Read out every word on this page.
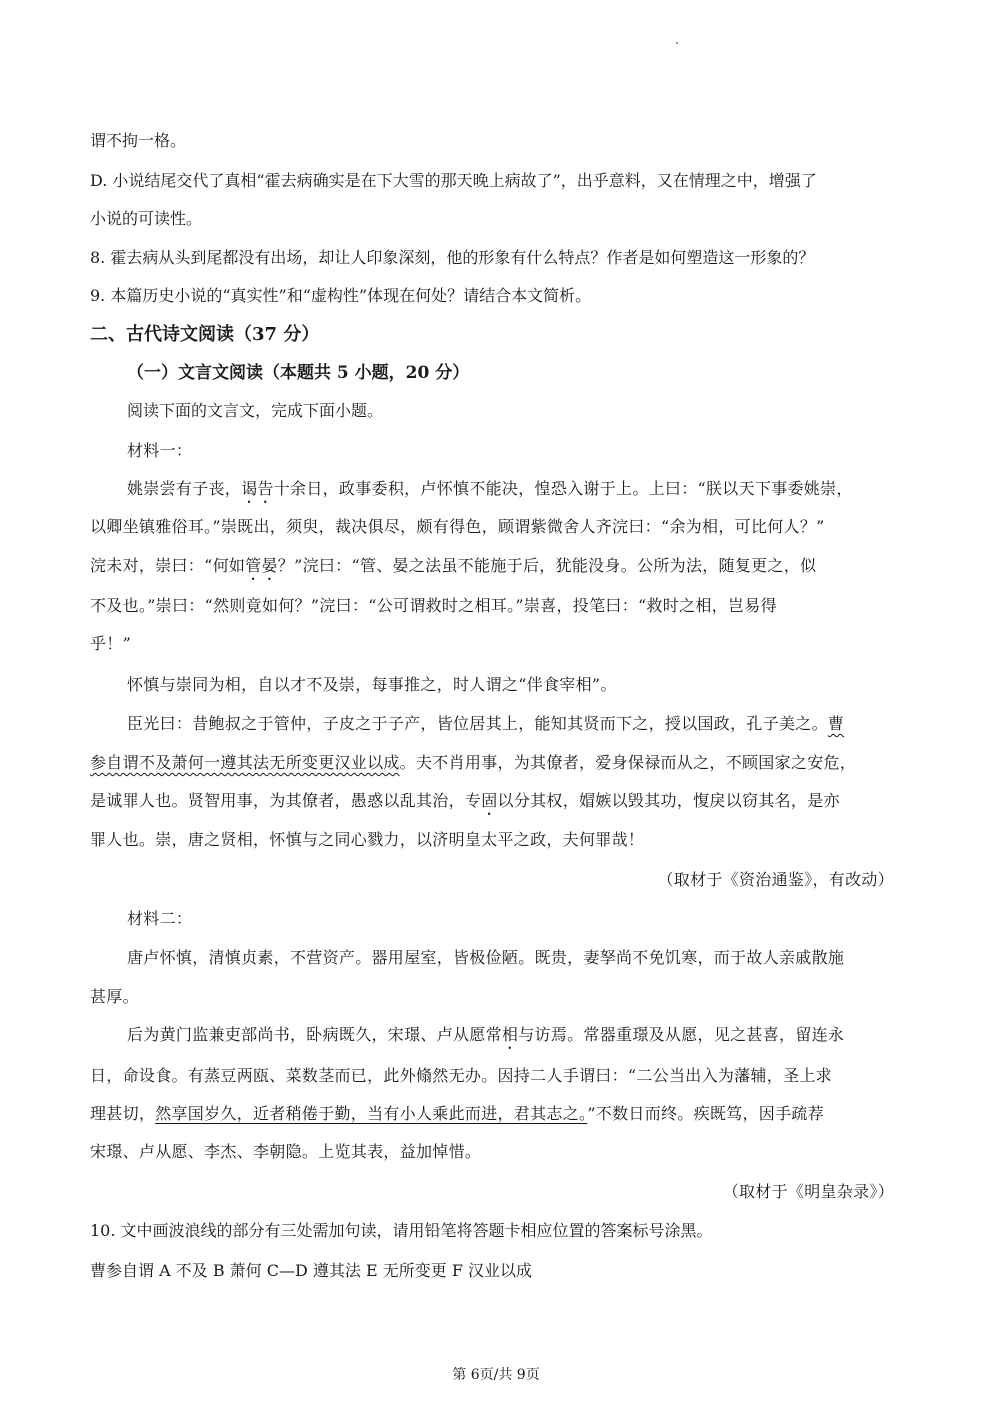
谓不拘一格。
D. 小说结尾交代了真相“霍去病确实是在下大雪的那天晚上病故了”，出乎意料，又在情理之中，增强了
小说的可读性。
8. 霍去病从头到尾都没有出场，却让人印象深刻，他的形象有什么特点？作者是如何塑造这一形象的？
9. 本篇历史小说的“真实性”和“虚构性”体现在何处？请结合本文简析。
二、古代诗文阅读（37 分）
（一）文言文阅读（本题共 5 小题，20 分）
阅读下面的文言文，完成下面小题。
材料一：
姚崇尝有子丧，谒告十余日，政事委积，卢怀慎不能决，惶恐入谢于上。上曰：“朕以天下事委姚崇，
以卿坐镇雅俗耳。”崇既出，须臾，裁决俱尽，颇有得色，顾谓紫微舍人齐浣曰：“余为相，可比何人？”
浣未对，崇曰：“何如管晏？”浣曰：“管、晏之法虽不能施于后，犹能没身。公所为法，随复更之，似
不及也。”崇曰：“然则竟如何？”浣曰：“公可谓救时之相耳。”崇喜，投笔曰：“救时之相，岂易得
乎！”
怀慎与崇同为相，自以才不及崇，每事推之，时人谓之“伴食宰相”。
臣光曰：昔鲍叔之于管仲，子皮之于子产，皆位居其上，能知其贤而下之，授以国政，孔子美之。曹
参自谓不及萧何一遵其法无所变更汉业以成。夫不肖用事，为其僚者，爱身保禄而从之，不顾国家之安危，
是诚罪人也。贤智用事，为其僚者，愚惑以乱其治，专固以分其权，媢嫉以毁其功，愎戾以窃其名，是亦
罪人也。崇，唐之贤相，怀慎与之同心戮力，以济明皇太平之政，夫何罪哉！
（取材于《资治通鉴》，有改动）
材料二：
唐卢怀慎，清慎贞素，不营资产。器用屋室，皆极俭陋。既贵，妻孥尚不免饥寒，而于故人亲戚散施
甚厚。
后为黄门监兼吏部尚书，卧病既久，宋璟、卢从愿常相与访焉。常器重璟及从愿，见之甚喜，留连永
日，命设食。有蒸豆两瓯、菜数茎而已，此外翛然无办。因持二人手谓曰：“二公当出入为藩辅，圣上求
理甚切，然享国岁久，近者稍倦于勤，当有小人乘此而进，君其志之。”不数日而终。疾既笃，因手疏荐
宋璟、卢从愿、李杰、李朝隐。上览其表，益加悼惜。
（取材于《明皇杂录》）
10. 文中画波浪线的部分有三处需加句读，请用铅笔将答题卡相应位置的答案标号涂黑。
曹参自谓 A 不及 B 萧何 C—D 遵其法 E 无所变更 F 汉业以成
第 6页/共 9页
